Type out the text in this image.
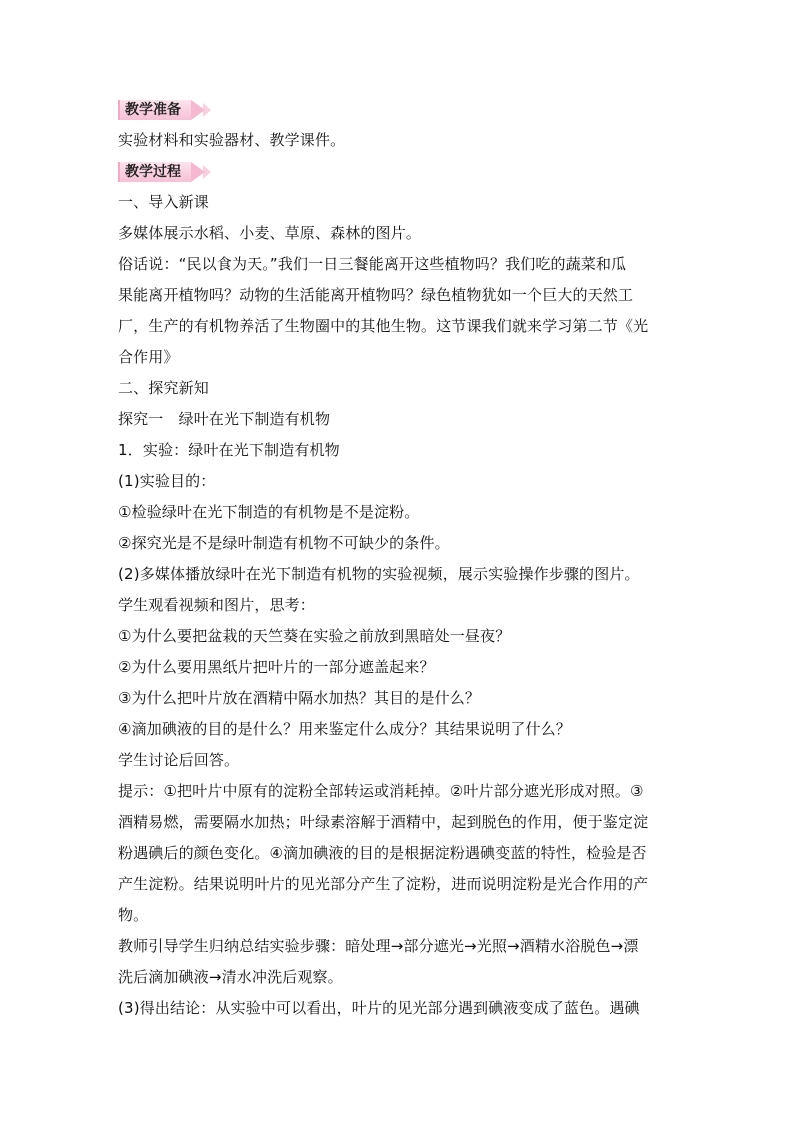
教学准备
实验材料和实验器材、教学课件。
教学过程
一、导入新课
多媒体展示水稻、小麦、草原、森林的图片。
俗话说：“民以食为天。”我们一日三餐能离开这些植物吗？我们吃的蔬菜和瓜
果能离开植物吗？动物的生活能离开植物吗？绿色植物犹如一个巨大的天然工
厂，生产的有机物养活了生物圈中的其他生物。这节课我们就来学习第二节《光
合作用》
二、探究新知
探究一　绿叶在光下制造有机物
1．实验：绿叶在光下制造有机物
(1)实验目的：
①检验绿叶在光下制造的有机物是不是淀粉。
②探究光是不是绿叶制造有机物不可缺少的条件。
(2)多媒体播放绿叶在光下制造有机物的实验视频，展示实验操作步骤的图片。
学生观看视频和图片，思考：
①为什么要把盆栽的天竺葵在实验之前放到黑暗处一昼夜？
②为什么要用黑纸片把叶片的一部分遮盖起来？
③为什么把叶片放在酒精中隔水加热？其目的是什么？
④滴加碘液的目的是什么？用来鉴定什么成分？其结果说明了什么？
学生讨论后回答。
提示：①把叶片中原有的淀粉全部转运或消耗掉。②叶片部分遮光形成对照。③
酒精易燃，需要隔水加热；叶绿素溶解于酒精中，起到脱色的作用，便于鉴定淀
粉遇碘后的颜色变化。④滴加碘液的目的是根据淀粉遇碘变蓝的特性，检验是否
产生淀粉。结果说明叶片的见光部分产生了淀粉，进而说明淀粉是光合作用的产
物。
教师引导学生归纳总结实验步骤：暗处理→部分遮光→光照→酒精水浴脱色→漂
洗后滴加碘液→清水冲洗后观察。
(3)得出结论：从实验中可以看出，叶片的见光部分遇到碘液变成了蓝色。遇碘
